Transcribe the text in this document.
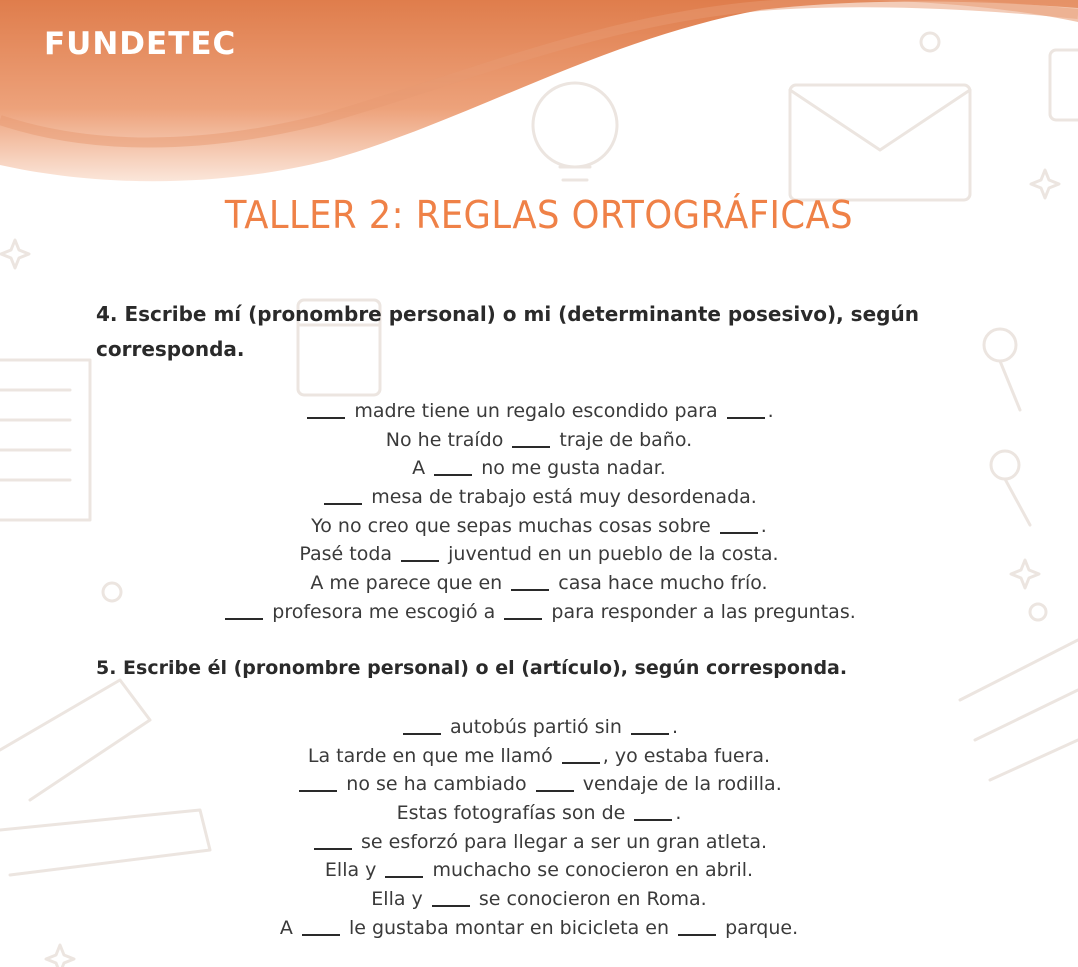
FUNDETEC
TALLER 2: REGLAS ORTOGRÁFICAS
4. Escribe mí (pronombre personal) o mi (determinante posesivo), según
corresponda.
madre tiene un regalo escondido para .
No he traído  traje de baño.
A  no me gusta nadar.
mesa de trabajo está muy desordenada.
Yo no creo que sepas muchas cosas sobre .
Pasé toda  juventud en un pueblo de la costa.
A me parece que en  casa hace mucho frío.
profesora me escogió a  para responder a las preguntas.
5. Escribe él (pronombre personal) o el (artículo), según corresponda.
autobús partió sin .
La tarde en que me llamó , yo estaba fuera.
no se ha cambiado  vendaje de la rodilla.
Estas fotografías son de .
se esforzó para llegar a ser un gran atleta.
Ella y  muchacho se conocieron en abril.
Ella y  se conocieron en Roma.
A  le gustaba montar en bicicleta en  parque.
